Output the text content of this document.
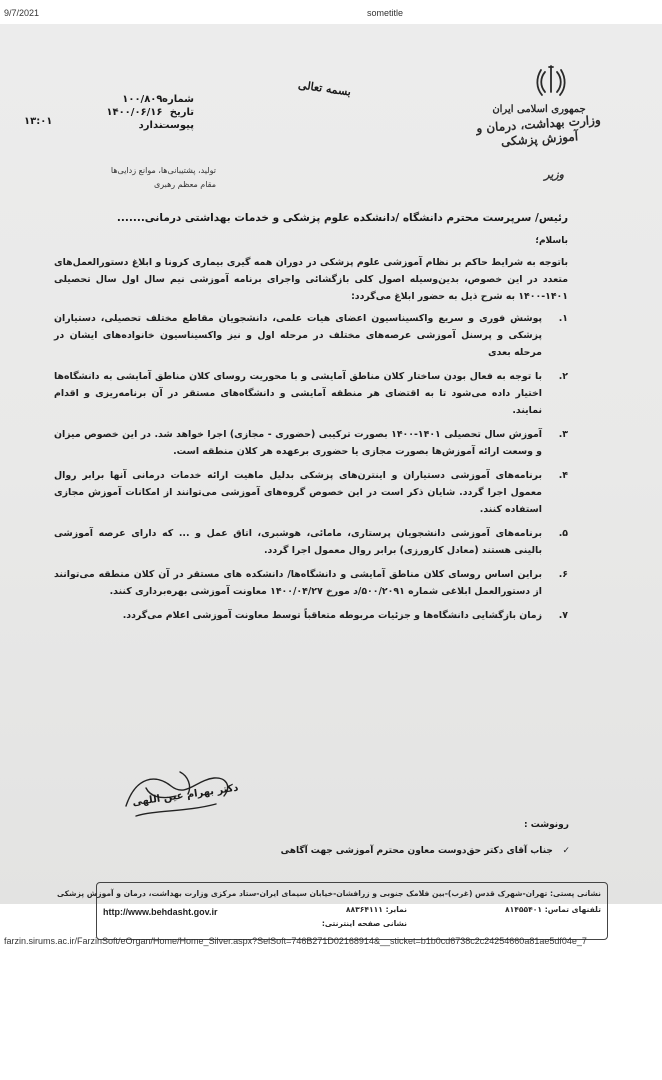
9/7/2021	sometitle
جمهوری اسلامی ایران
وزارت بهداشت، درمان و آموزش پزشکی
وزیر
بسمه تعالی
شماره ۱۰۰/۸۰۹
تاریخ ۱۴۰۰/۰۶/۱۶
پیوست ندارد
۱۳:۰۱
تولید، پشتیبانی‌ها، موانع زدایی‌ها
مقام معظم رهبری
رئیس/ سرپرست محترم دانشگاه /دانشکده علوم پزشکی و خدمات بهداشتی درمانی.......
باسلام؛

باتوجه به شرایط حاکم بر نظام آموزشی علوم پزشکی در دوران همه گیری بیماری کرونا و ابلاغ دستورالعمل‌های متعدد در این خصوص، بدین‌وسیله اصول کلی بازگشائی واجرای برنامه آموزشی نیم سال اول سال تحصیلی ۱۴۰۱-۱۴۰۰ به شرح ذیل به حضور ابلاغ می‌گردد:

۱.
پوشش فوری و سریع واکسیناسیون اعضای هیات علمی، دانشجویان مقاطع مختلف تحصیلی، دستیاران پزشکی و پرسنل آموزشی عرصه‌های مختلف در مرحله اول و نیز واکسیناسیون خانواده‌های ایشان در مرحله بعدی
۲.
با توجه به فعال بودن ساختار کلان مناطق آمایشی و با محوریت روسای کلان مناطق آمایشی به دانشگاه‌ها اختیار داده می‌شود تا به اقتضای هر منطقه آمایشی و دانشگاه‌های مستقر در آن برنامه‌ریزی و اقدام نمایند.
۳.
آموزش سال تحصیلی ۱۴۰۱-۱۴۰۰ بصورت ترکیبی (حضوری - مجازی) اجرا خواهد شد. در این خصوص میزان و وسعت ارائه آموزش‌ها بصورت مجازی یا حضوری برعهده هر کلان منطقه است.
۴.
برنامه‌های آموزشی دستیاران و اینترن‌های پزشکی بدلیل ماهیت ارائه خدمات درمانی آنها برابر روال معمول اجرا گردد. شایان ذکر است در این خصوص گروه‌های آموزشی می‌توانند از امکانات آموزش مجازی استفاده کنند.
۵.
برنامه‌های آموزشی دانشجویان پرستاری، مامائی، هوشبری، اتاق عمل و ... که دارای عرصه آموزشی بالینی هستند (معادل کارورزی) برابر روال معمول اجرا گردد.
۶.
براین اساس روسای کلان مناطق آمایشی و دانشگاه‌ها/ دانشکده های مستقر در آن کلان منطقه می‌توانند از دستورالعمل ابلاغی شماره ۵۰۰/۲۰۹۱/د مورخ ۱۴۰۰/۰۴/۲۷ معاونت آموزشی بهره‌برداری کنند.
۷.
زمان بازگشایی دانشگاه‌ها و جزئیات مربوطه متعاقباً توسط معاونت آموزشی اعلام می‌گردد.
دکتر بهرام عین اللهی
رونوشت :
✓ جناب آقای دکتر حق‌دوست معاون محترم آموزشی جهت آگاهی
نشانی پستی: تهران-شهرک قدس (غرب)-بین فلامک جنوبی و زرافشان-خیابان سیمای ایران-ستاد مرکزی وزارت بهداشت، درمان و آموزش پزشکی
تلفنهای تماس: ۸۱۴۵۵۴۰۱
نمابر: ۸۸۳۶۴۱۱۱
نشانی صفحه اینترنتی:
http://www.behdasht.gov.ir
farzin.sirums.ac.ir/FarzinSoft/eOrgan/Home/Home_Silver.aspx?SelSoft=746B271D02168914&__sticket=b1b0cd6738c2c24254660a81ae5df04e_7
